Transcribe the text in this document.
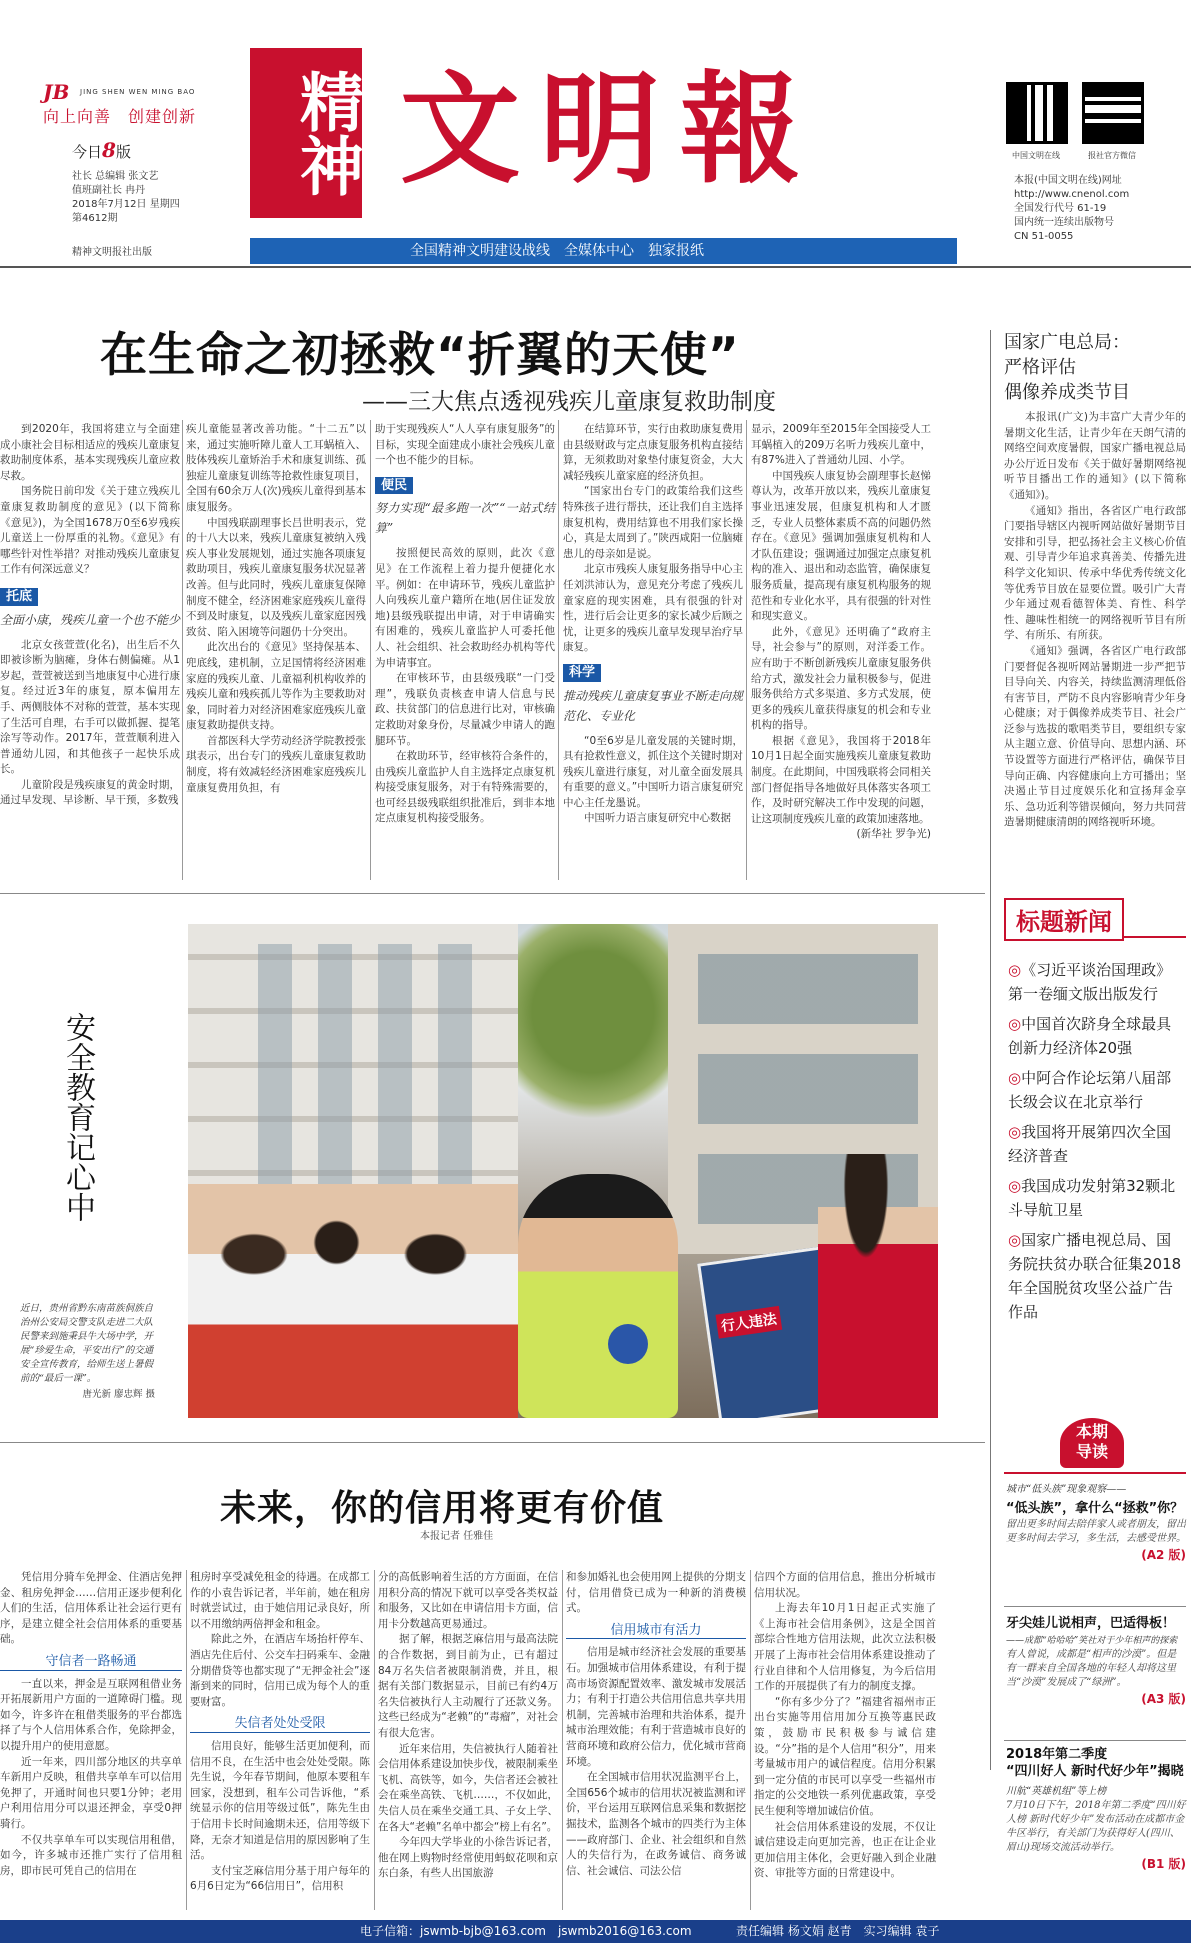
JB JING SHEN WEN MING BAO
向上向善　创建创新
今日8版
社长 总编辑 张文艺
值班副社长 冉丹
2018年7月12日 星期四
第4612期
精神文明报社出版
精神 文明報
全国精神文明建设战线　全媒体中心　独家报纸
中国文明在线	报社官方微信
本报(中国文明在线)网址
http://www.cnenol.com
全国发行代号 61-19
国内统一连续出版物号
CN 51-0055
在生命之初拯救“折翼的天使”
——三大焦点透视残疾儿童康复救助制度

到2020年，我国将建立与全面建成小康社会目标相适应的残疾儿童康复救助制度体系，基本实现残疾儿童应救尽救。

国务院日前印发《关于建立残疾儿童康复救助制度的意见》(以下简称《意见》)，为全国1678万0至6岁残疾儿童送上一份厚重的礼物。《意见》有哪些针对性举措？对推动残疾儿童康复工作有何深远意义？

托底
全面小康，残疾儿童一个也不能少

北京女孩萱萱(化名)，出生后不久即被诊断为脑瘫，身体右侧偏瘫。从1岁起，萱萱被送到当地康复中心进行康复。经过近3年的康复，原本偏用左手、两侧肢体不对称的萱萱，基本实现了生活可自理，右手可以做抓握、提笔涂写等动作。2017年，萱萱顺利进入普通幼儿园，和其他孩子一起快乐成长。

儿童阶段是残疾康复的黄金时期，通过早发现、早诊断、早干预，多数残

疾儿童能显著改善功能。“十二五”以来，通过实施听障儿童人工耳蜗植入、肢体残疾儿童矫治手术和康复训练、孤独症儿童康复训练等抢救性康复项目，全国有60余万人(次)残疾儿童得到基本康复服务。

中国残联副理事长吕世明表示，党的十八大以来，残疾儿童康复被纳入残疾人事业发展规划，通过实施各项康复救助项目，残疾儿童康复服务状况显著改善。但与此同时，残疾儿童康复保障制度不健全，经济困难家庭残疾儿童得不到及时康复，以及残疾儿童家庭因残致贫、陷入困境等问题仍十分突出。

此次出台的《意见》坚持保基本、兜底线，建机制，立足国情将经济困难家庭的残疾儿童、儿童福利机构收养的残疾儿童和残疾孤儿等作为主要救助对象，同时着力对经济困难家庭残疾儿童康复救助提供支持。

首都医科大学劳动经济学院教授张琪表示，出台专门的残疾儿童康复救助制度，将有效减轻经济困难家庭残疾儿童康复费用负担，有

助于实现残疾人“人人享有康复服务”的目标，实现全面建成小康社会残疾儿童一个也不能少的目标。

便民
努力实现“最多跑一次”“一站式结算”

按照便民高效的原则，此次《意见》在工作流程上着力提升便捷化水平。例如：在申请环节，残疾儿童监护人向残疾儿童户籍所在地(居住证发放地)县级残联提出申请，对于申请确实有困难的，残疾儿童监护人可委托他人、社会组织、社会救助经办机构等代为申请事宜。

在审核环节，由县级残联“一门受理”，残联负责核查申请人信息与民政、扶贫部门的信息进行比对，审核确定救助对象身份，尽量减少申请人的跑腿环节。

在救助环节，经审核符合条件的，由残疾儿童监护人自主选择定点康复机构接受康复服务，对于有特殊需要的，也可经县级残联组织批准后，到非本地定点康复机构接受服务。

在结算环节，实行由救助康复费用由县级财政与定点康复服务机构直接结算，无须救助对象垫付康复资金，大大减轻残疾儿童家庭的经济负担。

“国家出台专门的政策给我们这些特殊孩子进行帮扶，还让我们自主选择康复机构，费用结算也不用我们家长操心，真是太周到了。”陕西咸阳一位脑瘫患儿的母亲如是说。

北京市残疾人康复服务指导中心主任刘洪沛认为，意见充分考虑了残疾儿童家庭的现实困难，具有很强的针对性，进行后会让更多的家长减少后顾之忧，让更多的残疾儿童早发现早治疗早康复。

科学
推动残疾儿童康复事业不断走向规范化、专业化

“0至6岁是儿童发展的关键时期，具有抢救性意义，抓住这个关键时期对残疾儿童进行康复，对儿童全面发展具有重要的意义。”中国听力语言康复研究中心主任龙墨说。

中国听力语言康复研究中心数据

显示，2009年至2015年全国接受人工耳蜗植入的209万名听力残疾儿童中，有87%进入了普通幼儿园、小学。

中国残疾人康复协会副理事长赵悌尊认为，改革开放以来，残疾儿童康复事业迅速发展，但康复机构和人才匮乏，专业人员整体素质不高的问题仍然存在。《意见》强调加强康复机构和人才队伍建设；强调通过加强定点康复机构的准入、退出和动态监管，确保康复服务质量，提高现有康复机构服务的规范性和专业化水平，具有很强的针对性和现实意义。

此外，《意见》还明确了“政府主导，社会参与”的原则，对洋委工作。应有助于不断创新残疾儿童康复服务供给方式，激发社会力量积极参与，促进服务供给方式多渠道、多方式发展，使更多的残疾儿童获得康复的机会和专业机构的指导。

根据《意见》，我国将于2018年10月1日起全面实施残疾儿童康复救助制度。在此期间，中国残联将会同相关部门督促指导各地做好具体落实各项工作，及时研究解决工作中发现的问题，让这项制度残疾儿童的政策加速落地。

(新华社 罗争光)

国家广电总局：
严格评估
偶像养成类节目

本报讯(广文)为丰富广大青少年的暑期文化生活，让青少年在天朗气清的网络空间欢度暑假，国家广播电视总局办公厅近日发布《关于做好暑期网络视听节目播出工作的通知》(以下简称《通知》)。

《通知》指出，各省区广电行政部门要指导辖区内视听网站做好暑期节目安排和引导，把弘扬社会主义核心价值观、引导青少年追求真善美、传播先进科学文化知识、传承中华优秀传统文化等优秀节目放在显要位置。吸引广大青少年通过观看德智体美、育性、科学性、趣味性相统一的网络视听节目有所学、有所乐、有所获。

《通知》强调，各省区广电行政部门要督促各视听网站暑期进一步严把节目导向关、内容关，持续监测清理低俗有害节目，严防不良内容影响青少年身心健康；对于偶像养成类节目、社会广泛参与选拔的歌唱类节目，要组织专家从主题立意、价值导向、思想内涵、环节设置等方面进行严格评估，确保节目导向正确、内容健康向上方可播出；坚决遏止节目过度娱乐化和宣扬拜金享乐、急功近利等错误倾向，努力共同营造暑期健康清朗的网络视听环境。

标题新闻
◎《习近平谈治国理政》第一卷缅文版出版发行
◎中国首次跻身全球最具创新力经济体20强
◎中阿合作论坛第八届部长级会议在北京举行
◎我国将开展第四次全国经济普查
◎我国成功发射第32颗北斗导航卫星
◎国家广播电视总局、国务院扶贫办联合征集2018年全国脱贫攻坚公益广告作品
本期
导读
城市“低头族”现象观察——
“低头族”，拿什么“拯救”你？
留出更多时间去陪伴家人或者朋友，留出更多时间去学习，多生活，去感受世界。
(A2 版)
牙尖娃儿说相声，巴适得板！
——成都“哈哈哈”笑社对于少年相声的探索
有人曾说，成都是“相声的沙漠”。但是有一群来自全国各地的年轻人却将这里当“沙漠”发展成了“绿洲”。
(A3 版)
2018年第二季度
“四川好人 新时代好少年”揭晓
川航“英雄机组”等上榜
7月10日下午，2018年第二季度“四川好人榜 新时代好少年”发布活动在成都市金牛区举行，有关部门为获得好人(四川、眉山)现场交流活动举行。
(B1 版)
安全教育记心中
近日，贵州省黔东南苗族侗族自治州公安局交警支队走进二大队民警来到施秉县牛大场中学，开展“珍爱生命，平安出行”的交通安全宣传教育，给师生送上暑假前的“最后一课”。
唐光新 廖忠辉 摄
行人违法
未来，你的信用将更有价值
本报记者 任雅佳

凭信用分骑车免押金、住酒店免押金、租房免押金……信用正逐步便利化人们的生活，信用体系让社会运行更有序，是建立健全社会信用体系的重要基础。

守信者一路畅通

一直以来，押金是互联网租借业务开拓展新用户方面的一道障碍门槛。现如今，许多许在租借类服务的平台都选择了与个人信用体系合作，免除押金，以提升用户的使用意愿。

近一年来，四川部分地区的共享单车新用户反映，租借共享单车可以信用免押了，开通时间也只要1分钟；老用户利用信用分可以退还押金，享受0押骑行。

不仅共享单车可以实现信用租借，如今，许多城市还推广实行了信用租房，即市民可凭自己的信用在

租房时享受减免租金的待遇。在成都工作的小袁告诉记者，半年前，她在租房时就尝试过，由于她信用记录良好，所以不用缴纳两倍押金和租金。

除此之外，在酒店车场抬杆停车、酒店先住后付、公交车扫码乘车、金融分期借贷等也都实现了“无押金社会”逐渐到来的同时，信用已成为每个人的重要财富。

失信者处处受限

信用良好，能够生活更加便利，而信用不良，在生活中也会处处受限。陈先生说，今年春节期间，他原本要租车回家，没想到，租车公司告诉他，“系统显示你的信用等级过低”，陈先生由于信用卡长时间逾期未还，信用等级下降，无奈才知道是信用的原因影响了生活。

支付宝芝麻信用分基于用户每年的6月6日定为“66信用日”，信用积

分的高低影响着生活的方方面面，在信用积分高的情况下就可以享受各类权益和服务，又比如在申请信用卡方面，信用卡分数越高更易通过。

据了解，根据芝麻信用与最高法院的合作数据，到目前为止，已有超过84万名失信者被限制消费，并且，根据有关部门数据显示，目前已有约4万名失信被执行人主动履行了还款义务。这些已经成为“老赖”的“毒瘤”，对社会有很大危害。

近年来信用，失信被执行人随着社会信用体系建设加快步伐，被限制乘坐飞机、高铁等，如今，失信者还会被社会在乘坐高铁、飞机……，不仅如此，失信人员在乘坐交通工具、子女上学、在各大“老赖”名单中都会“榜上有名”。

今年四大学毕业的小徐告诉记者，他在网上购物时经常使用蚂蚁花呗和京东白条，有些人出国旅游

和参加婚礼也会使用网上提供的分期支付，信用借贷已成为一种新的消费模式。

信用城市有活力

信用是城市经济社会发展的重要基石。加强城市信用体系建设，有利于提高市场资源配置效率、激发城市发展活力；有利于打造公共信用信息共享共用机制，完善城市治理和共治体系，提升城市治理效能；有利于营造城市良好的营商环境和政府公信力，优化城市营商环境。

在全国城市信用状况监测平台上，全国656个城市的信用状况被监测和评价，平台运用互联网信息采集和数据挖掘技术，监测各个城市的四类行为主体——政府部门、企业、社会组织和自然人的失信行为，在政务诚信、商务诚信、社会诚信、司法公信

信四个方面的信用信息，推出分析城市信用状况。

上海去年10月1日起正式实施了《上海市社会信用条例》，这是全国首部综合性地方信用法规，此次立法积极开展了上海市社会信用体系建设推动了行业自律和个人信用修复，为今后信用工作的开展提供了有力的制度支撑。

“你有多少分了？”福建省福州市正出台实施等用信用加分互换等惠民政策，鼓励市民积极参与诚信建设。“分”指的是个人信用“积分”，用来考量城市用户的诚信程度。信用分积累到一定分值的市民可以享受一些福州市指定的公交地铁一系列优惠政策，享受民生便利等增加诚信价值。

社会信用体系建设的发展，不仅让诚信建设走向更加完善，也正在让企业更加信用主体化，会更好融入到企业融资、审批等方面的日常建设中。

电子信箱：jswmb-bjb@163.com　jswmb2016@163.com	责任编辑 杨文娟 赵青　实习编辑 袁子
